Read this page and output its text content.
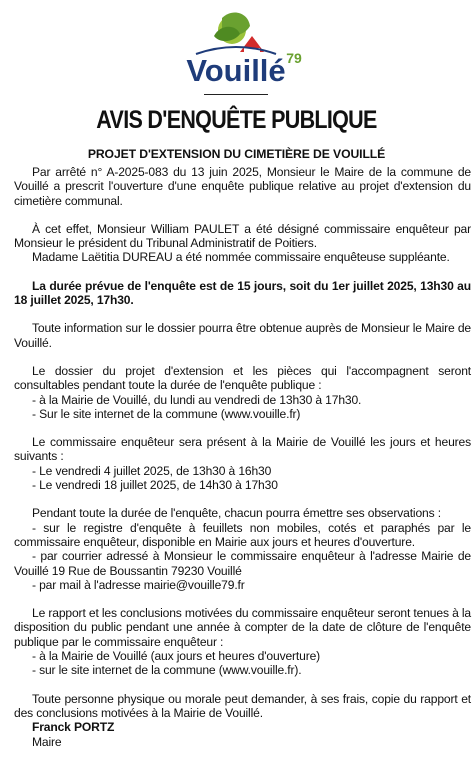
Vouillé 79
AVIS D'ENQUÊTE PUBLIQUE
PROJET D'EXTENSION DU CIMETIÈRE DE VOUILLÉ

Par arrêté n° A-2025-083 du 13 juin 2025, Monsieur le Maire de la commune de Vouillé a prescrit l'ouverture d'une enquête publique relative au projet d'extension du cimetière communal.

À cet effet, Monsieur William PAULET a été désigné commissaire enquêteur par Monsieur le président du Tribunal Administratif de Poitiers.

Madame Laëtitia DUREAU a été nommée commissaire enquêteuse suppléante.

La durée prévue de l'enquête est de 15 jours, soit du 1er juillet 2025, 13h30 au 18 juillet 2025, 17h30.

Toute information sur le dossier pourra être obtenue auprès de Monsieur le Maire de Vouillé.

Le dossier du projet d'extension et les pièces qui l'accompagnent seront consultables pendant toute la durée de l'enquête publique :

- à la Mairie de Vouillé, du lundi au vendredi de 13h30 à 17h30.

- Sur le site internet de la commune (www.vouille.fr)

Le commissaire enquêteur sera présent à la Mairie de Vouillé les jours et heures suivants :

- Le vendredi 4 juillet 2025, de 13h30 à 16h30

- Le vendredi 18 juillet 2025, de 14h30 à 17h30

Pendant toute la durée de l'enquête, chacun pourra émettre ses observations :

- sur le registre d'enquête à feuillets non mobiles, cotés et paraphés par le commissaire enquêteur, disponible en Mairie aux jours et heures d'ouverture.

- par courrier adressé à Monsieur le commissaire enquêteur à l'adresse Mairie de Vouillé 19 Rue de Boussantin 79230 Vouillé

- par mail à l'adresse mairie@vouille79.fr

Le rapport et les conclusions motivées du commissaire enquêteur seront tenues à la disposition du public pendant une année à compter de la date de clôture de l'enquête publique par le commissaire enquêteur :

- à la Mairie de Vouillé (aux jours et heures d'ouverture)

- sur le site internet de la commune (www.vouille.fr).

Toute personne physique ou morale peut demander, à ses frais, copie du rapport et des conclusions motivées à la Mairie de Vouillé.

Franck PORTZ

Maire
